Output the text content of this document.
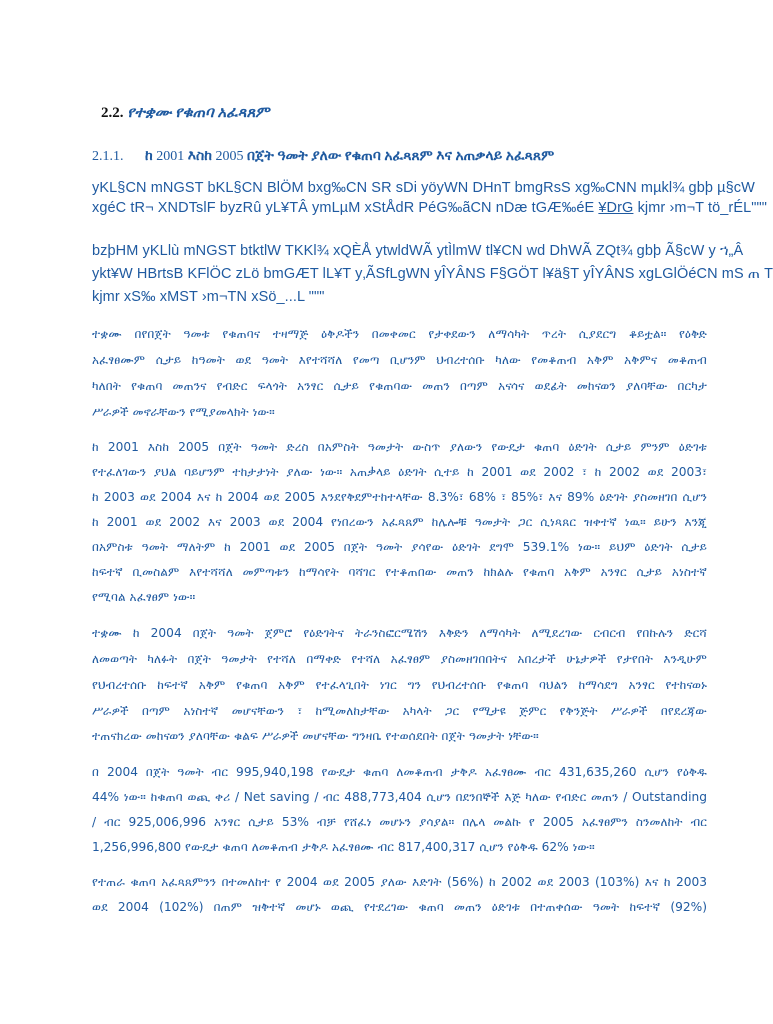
2.2. የተቋሙ የቁጠባ አፈጻጸም
2.1.1. ከ 2001 እስከ 2005 በጀት ዓመት ያለው የቁጠባ አፈጻጸም እና አጠቃላይ አፈጻጸም
yKL§CN mNGST bKL§CN BlÖM bxg‰CN SR sDi yöyWN DHnT bmgRsS xg‰CNN mµkl¾ gbþ µ§cW
xgéC tR¬ XNDTslF byzRû yL¥TÂ ymLµM xStÅdR PéG‰ãCN nDæ tGÆ‰éE ¥DrG kjmr ›m¬T tö_rÉL"""
bzþHM yKLlù mNGST btktlW TKKl¾ xQÈÅ ytwldWÃ ytÌlmW tl¥CN wd DhWÃ ZQt¾ gbþ Ã§cW y ኀ„Â
ykt¥W HBrtsB KFlÖC zLö bmGÆT lL¥T y‚ÃSfLgWN yÎYÂNS F§GÖT l¥ä§T yÎYÂNS xgLGlÖéCN mS ጠ T
kjmr xS‰ xMST ›m¬TN xSö_...L """
ተቋሙ በየበጀት ዓመቱ የቁጠባና ተዛማጅ ዕቅዶችን በመቀመር የታቀደውን ለማሳካት ጥረት ሲያደርግ ቆይቷል። የዕቅድ
አፈፃፀሙም ሲታይ ከዓመት ወደ ዓመት እየተሻሻለ የመጣ ቢሆንም ህብረተሰቡ ካለው የመቆጠብ አቅም አቅምና መቆጠብ
ካለበት የቁጠባ መጠንና የብድር ፍላጎት አንፃር ሲታይ የቁጠባው መጠን በጣም አናሳና ወደፊት መከናወን ያለባቸው በርካታ
ሥራዎች መኖራቸውን የሚያመላክት ነው።
ከ 2001 እስከ 2005 በጀት ዓመት ድረስ በአምስት ዓመታት ውስጥ ያለውን የውዴታ ቁጠባ ዕድገት ሲታይ ምንም ዕድገቱ
የተፈለገውን ያህል ባይሆንም ተከታታነት ያለው ነው። አጠቃላይ ዕድገት ሲተይ ከ 2001 ወደ 2002 ፣ ከ 2002 ወደ 2003፣
ከ 2003 ወደ 2004 እና ከ 2004 ወደ 2005 እንደየቅደምተከተላቸው 8.3%፣ 68% ፣ 85%፣ እና 89% ዕድገት ያስመዘገበ ሲሆን
ከ 2001 ወደ 2002 እና 2003 ወደ 2004 የነበረውን አፈጻጸም ከሌሎቹ ዓመታት ጋር ሲነጻጸር ዝቀተኛ ነዉ። ይሁን እንጂ
በአምስቱ ዓመት ማለትም ከ 2001 ወደ 2005 በጀት ዓመት ያሳየው ዕድገት ደግሞ 539.1% ነው። ይህም ዕድገት ሲታይ
ከፍተኛ ቢመስልም እየተሻሻለ መምጣቱን ከማሳየት ባሻገር የተቆጠበው መጠን ከክልሉ የቁጠባ አቅም አንፃር ሲታይ አነስተኛ
የሚባል አፈፃፀም ነው።
ተቋሙ ከ 2004 በጀት ዓመት ጀምሮ የዕድገትና ትራንስፎርሜሽን እቅድን ለማሳካት ለሚደረገው ርብርብ የበኩሉን ድርሻ
ለመወጣት ካለፉት በጀት ዓመታት የተሻለ በማቀድ የተሻለ አፈፃፀም ያስመዘገበበትና አበረታች ሁኔታዎች የታየበት እንዲሁም
የህብረተሰቡ ከፍተኛ አቅም የቁጠባ አቅም የተፈላጊበት ነገር ግን የህብረተሰቡ የቁጠባ ባህልን ከማሳደግ አንፃር የተከናወኑ
ሥራዎች በጣም አነስተኛ መሆናቸውን ፣ ከሚመለከታቸው አካላት ጋር የሚታዩ ጅምር የቅንጅት ሥራዎች በየደረጃው
ተጠናክረው መከናወን ያለባቸው ቁልፍ ሥራዎች መሆናቸው ግንዛቤ የተወሰደበት በጀት ዓመታት ነቸው።
በ 2004 በጀት ዓመት ብር 995,940,198 የውዴታ ቁጠባ ለመቆጠብ ታቅዶ አፈፃፀሙ ብር 431,635,260 ሲሆን የዕቅዱ
44% ነው። ከቁጠባ ወጪ ቀሪ / Net saving / ብር 488,773,404 ሲሆን በደንበኞች እጅ ካለው የብድር መጠን / Outstanding
/ ብር 925,006,996 አንፃር ሲታይ 53% ብቻ የሸፈነ መሆኑን ያሳያል። በሌላ መልኩ የ 2005 አፈፃፀምን ስንመለከት ብር
1,256,996,800 የውዴታ ቁጠባ ለመቆጠብ ታቅዶ አፈፃፀሙ ብር 817,400,317 ሲሆን የዕቅዱ 62% ነው።
የተጠራ ቁጠባ አፈጻጸምንን በተመለከተ የ 2004 ወደ 2005 ያለው እድገት (56%) ከ 2002 ወደ 2003 (103%) እና ከ 2003
ወደ 2004 (102%) በጠም ዝቅተኛ መሆኑ ወጪ የተደረገው ቁጠባ መጠን ዕድገቱ በተጠቀሰው ዓመት ከፍተኛ (92%)
